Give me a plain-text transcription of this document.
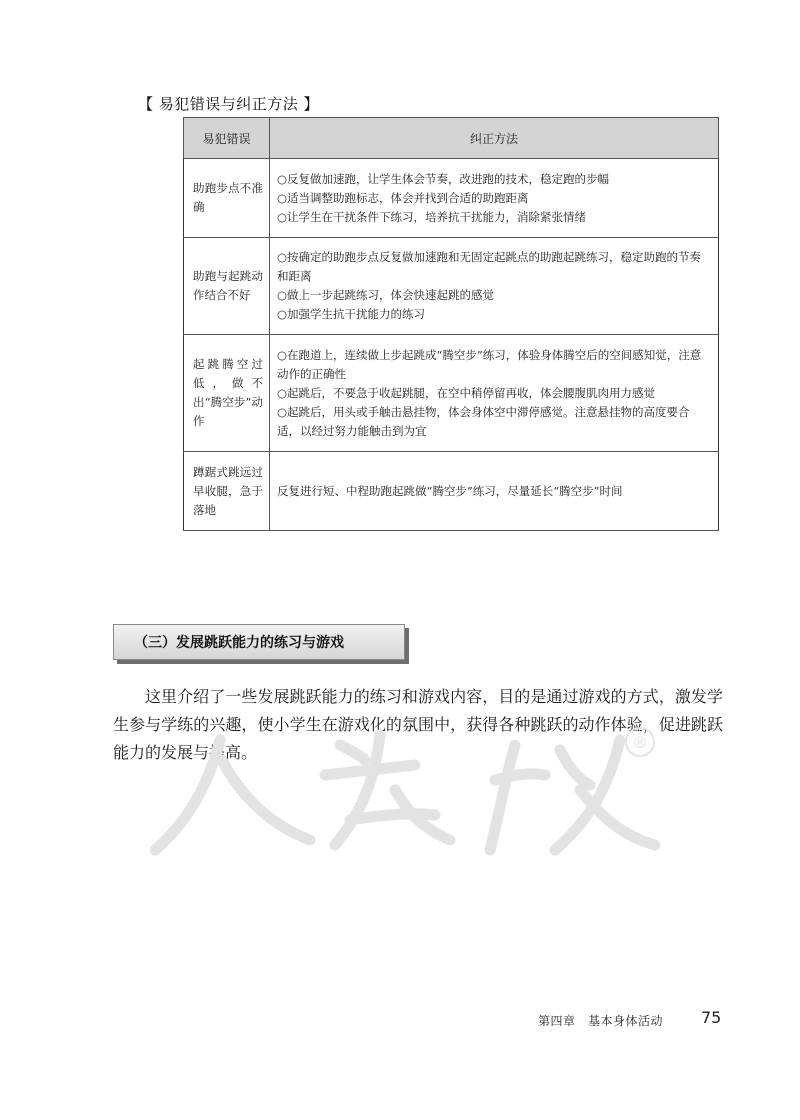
【 易犯错误与纠正方法 】
易犯错误	纠正方法
助跑步点不准确	○反复做加速跑，让学生体会节奏，改进跑的技术，稳定跑的步幅
○适当调整助跑标志，体会并找到合适的助跑距离
○让学生在干扰条件下练习，培养抗干扰能力，消除紧张情绪

助跑与起跳动作结合不好	○按确定的助跑步点反复做加速跑和无固定起跳点的助跑起跳练习，稳定助跑的节奏和距离
○做上一步起跳练习，体会快速起跳的感觉
○加强学生抗干扰能力的练习

起跳腾空过低，做不出“腾空步”动作	○在跑道上，连续做上步起跳成“腾空步”练习，体验身体腾空后的空间感知觉，注意动作的正确性
○起跳后，不要急于收起跳腿，在空中稍停留再收，体会腰腹肌肉用力感觉
○起跳后，用头或手触击悬挂物，体会身体空中滞停感觉。注意悬挂物的高度要合适，以经过努力能触击到为宜

蹲踞式跳远过早收腿，急于落地	反复进行短、中程助跑起跳做“腾空步”练习，尽量延长“腾空步”时间
（三）发展跳跃能力的练习与游戏

这里介绍了一些发展跳跃能力的练习和游戏内容，目的是通过游戏的方式，激发学生参与学练的兴趣，使小学生在游戏化的氛围中，获得各种跳跃的动作体验，促进跳跃能力的发展与提高。

®
人教版
第四章　基本身体活动 75
